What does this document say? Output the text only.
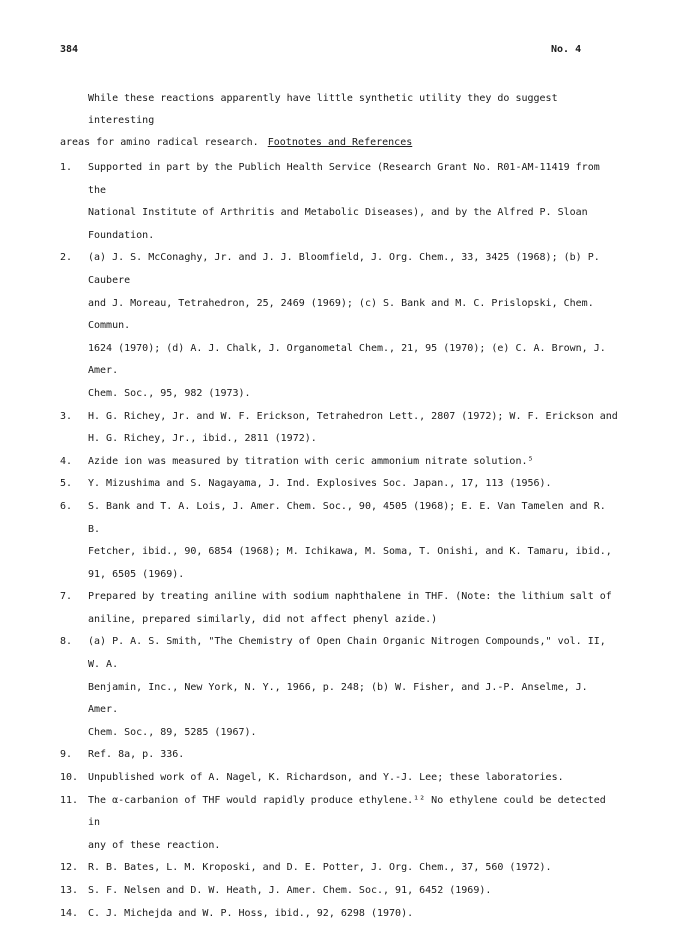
384	No. 4
While these reactions apparently have little synthetic utility they do suggest interesting
areas for amino radical research. Footnotes and References
1.	Supported in part by the Publich Health Service (Research Grant No. R01-AM-11419 from the
National Institute of Arthritis and Metabolic Diseases), and by the Alfred P. Sloan Foundation.
2.	(a) J. S. McConaghy, Jr. and J. J. Bloomfield, J. Org. Chem., 33, 3425 (1968); (b) P. Caubere
and J. Moreau, Tetrahedron, 25, 2469 (1969); (c) S. Bank and M. C. Prislopski, Chem. Commun.
1624 (1970); (d) A. J. Chalk, J. Organometal Chem., 21, 95 (1970); (e) C. A. Brown, J. Amer.
Chem. Soc., 95, 982 (1973).
3.	H. G. Richey, Jr. and W. F. Erickson, Tetrahedron Lett., 2807 (1972); W. F. Erickson and
H. G. Richey, Jr., ibid., 2811 (1972).
4.	Azide ion was measured by titration with ceric ammonium nitrate solution.⁵
5.	Y. Mizushima and S. Nagayama, J. Ind. Explosives Soc. Japan., 17, 113 (1956).
6.	S. Bank and T. A. Lois, J. Amer. Chem. Soc., 90, 4505 (1968); E. E. Van Tamelen and R. B.
Fetcher, ibid., 90, 6854 (1968); M. Ichikawa, M. Soma, T. Onishi, and K. Tamaru, ibid.,
91, 6505 (1969).
7.	Prepared by treating aniline with sodium naphthalene in THF. (Note: the lithium salt of
aniline, prepared similarly, did not affect phenyl azide.)
8.	(a) P. A. S. Smith, "The Chemistry of Open Chain Organic Nitrogen Compounds," vol. II, W. A.
Benjamin, Inc., New York, N. Y., 1966, p. 248; (b) W. Fisher, and J.-P. Anselme, J. Amer.
Chem. Soc., 89, 5285 (1967).
9.	Ref. 8a, p. 336.
10. Unpublished work of A. Nagel, K. Richardson, and Y.-J. Lee; these laboratories.
11. The α-carbanion of THF would rapidly produce ethylene.¹² No ethylene could be detected in
any of these reaction.
12. R. B. Bates, L. M. Kroposki, and D. E. Potter, J. Org. Chem., 37, 560 (1972).
13. S. F. Nelsen and D. W. Heath, J. Amer. Chem. Soc., 91, 6452 (1969).
14. C. J. Michejda and W. P. Hoss, ibid., 92, 6298 (1970).
